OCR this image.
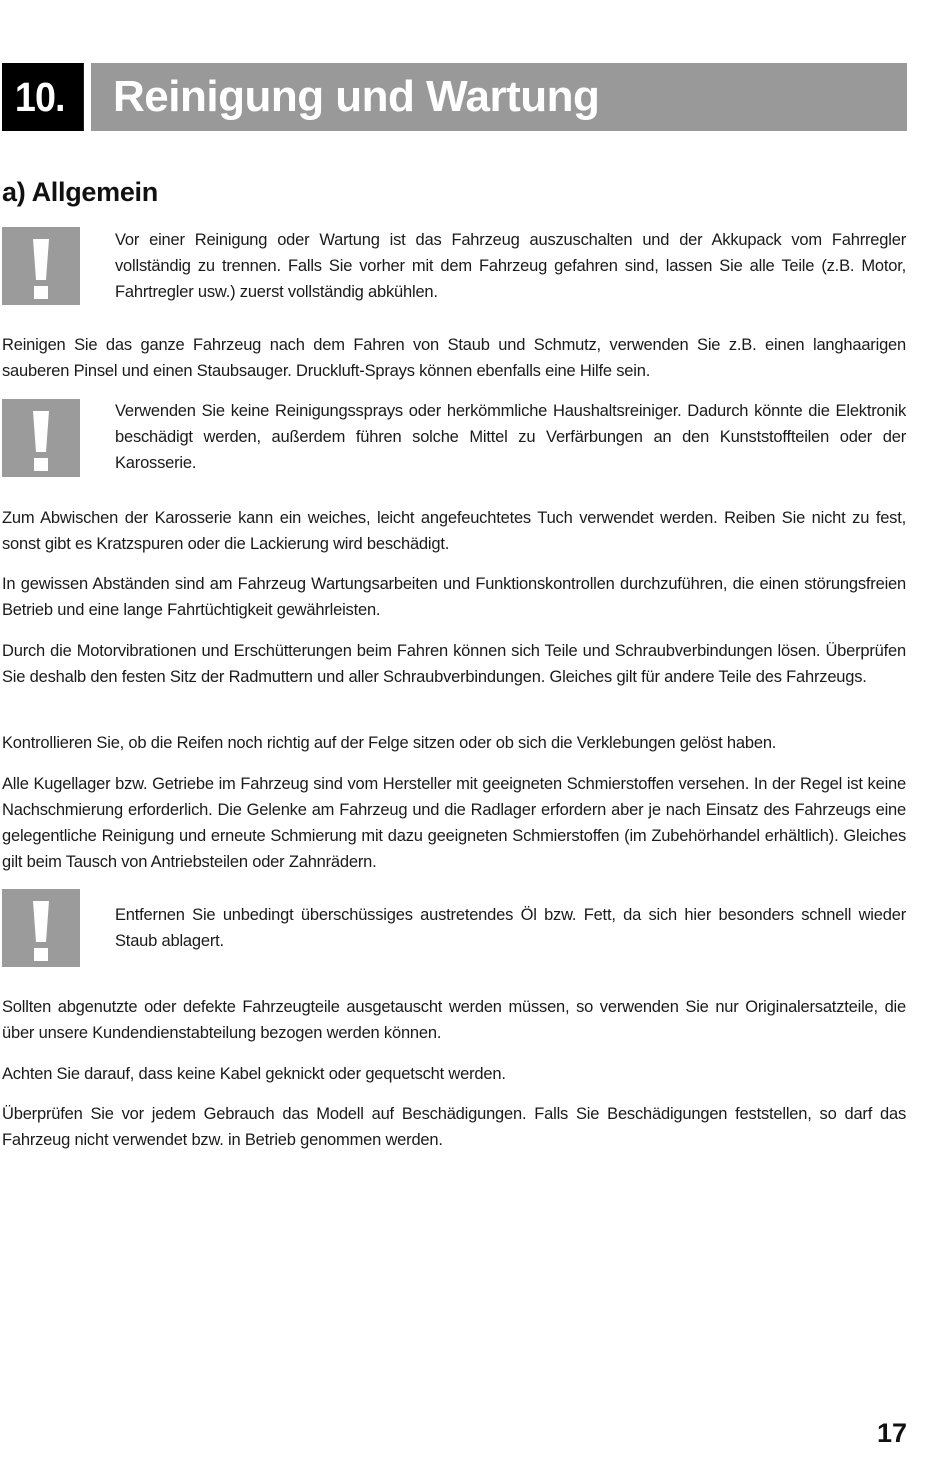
10.	Reinigung und Wartung
a) Allgemein

Vor einer Reinigung oder Wartung ist das Fahrzeug auszuschalten und der Akkupack vom Fahrregler vollständig zu trennen. Falls Sie vorher mit dem Fahrzeug gefahren sind, lassen Sie alle Teile (z.B. Motor, Fahrtregler usw.) zuerst vollständig abkühlen.

Reinigen Sie das ganze Fahrzeug nach dem Fahren von Staub und Schmutz, verwenden Sie z.B. einen langhaarigen sauberen Pinsel und einen Staubsauger. Druckluft-Sprays können ebenfalls eine Hilfe sein.

Verwenden Sie keine Reinigungssprays oder herkömmliche Haushaltsreiniger. Dadurch könnte die Elektronik beschädigt werden, außerdem führen solche Mittel zu Verfärbungen an den Kunststoffteilen oder der Karosserie.

Zum Abwischen der Karosserie kann ein weiches, leicht angefeuchtetes Tuch verwendet werden. Reiben Sie nicht zu fest, sonst gibt es Kratzspuren oder die Lackierung wird beschädigt.

In gewissen Abständen sind am Fahrzeug Wartungsarbeiten und Funktionskontrollen durchzuführen, die einen störungsfreien Betrieb und eine lange Fahrtüchtigkeit gewährleisten.

Durch die Motorvibrationen und Erschütterungen beim Fahren können sich Teile und Schraubverbindungen lösen. Überprüfen Sie deshalb den festen Sitz der Radmuttern und aller Schraubverbindungen. Gleiches gilt für andere Teile des Fahrzeugs.

Kontrollieren Sie, ob die Reifen noch richtig auf der Felge sitzen oder ob sich die Verklebungen gelöst haben.

Alle Kugellager bzw. Getriebe im Fahrzeug sind vom Hersteller mit geeigneten Schmierstoffen versehen. In der Regel ist keine Nachschmierung erforderlich. Die Gelenke am Fahrzeug und die Radlager erfordern aber je nach Einsatz des Fahrzeugs eine gelegentliche Reinigung und erneute Schmierung mit dazu geeigneten Schmierstoffen (im Zubehörhandel erhältlich). Gleiches gilt beim Tausch von Antriebsteilen oder Zahnrädern.

Entfernen Sie unbedingt überschüssiges austretendes Öl bzw. Fett, da sich hier besonders schnell wieder Staub ablagert.

Sollten abgenutzte oder defekte Fahrzeugteile ausgetauscht werden müssen, so verwenden Sie nur Originalersatzteile, die über unsere Kundendienstabteilung bezogen werden können.

Achten Sie darauf, dass keine Kabel geknickt oder gequetscht werden.

Überprüfen Sie vor jedem Gebrauch das Modell auf Beschädigungen. Falls Sie Beschädigungen feststellen, so darf das Fahrzeug nicht verwendet bzw. in Betrieb genommen werden.

17
